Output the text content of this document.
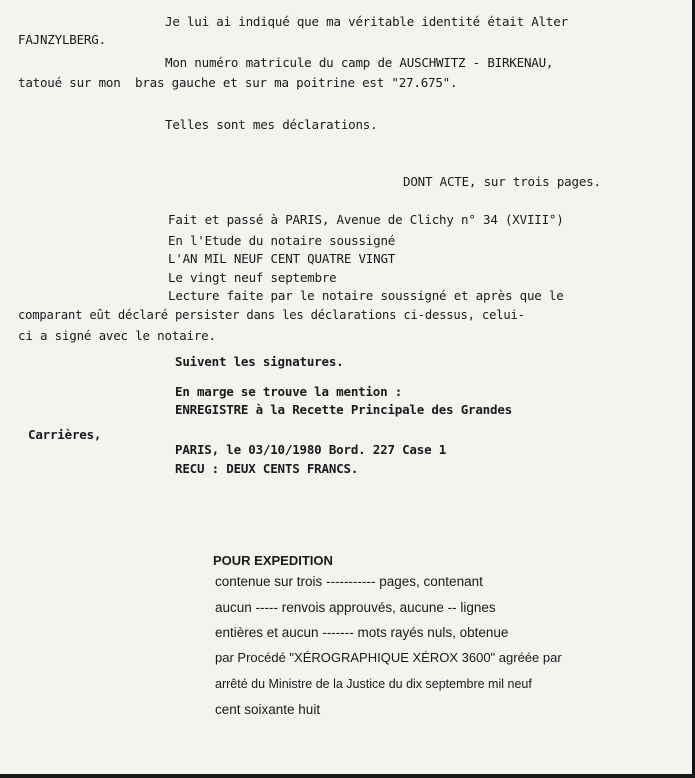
Je lui ai indiqué que ma véritable identité était Alter
FAJNZYLBERG.
Mon numéro matricule du camp de AUSCHWITZ - BIRKENAU,
tatoué sur mon bras gauche et sur ma poitrine est "27.675".
Telles sont mes déclarations.
DONT ACTE, sur trois pages.
Fait et passé à PARIS, Avenue de Clichy n° 34 (XVIII°)
En l'Etude du notaire soussigné
L'AN MIL NEUF CENT QUATRE VINGT
Le vingt neuf septembre
Lecture faite par le notaire soussigné et après que le
comparant eût déclaré persister dans les déclarations ci-dessus, celui-
ci a signé avec le notaire.
Suivent les signatures.
En marge se trouve la mention :
ENREGISTRE à la Recette Principale des Grandes
Carrières,
PARIS, le 03/10/1980 Bord. 227 Case 1
RECU : DEUX CENTS FRANCS.
POUR EXPEDITION
contenue sur trois ----------- pages, contenant
aucun ----- renvois approuvés, aucune -- lignes
entières et aucun ------- mots rayés nuls, obtenue
par Procédé "XÉROGRAPHIQUE XÉROX 3600" agréée par
arrêté du Ministre de la Justice du dix septembre mil neuf
cent soixante huit
